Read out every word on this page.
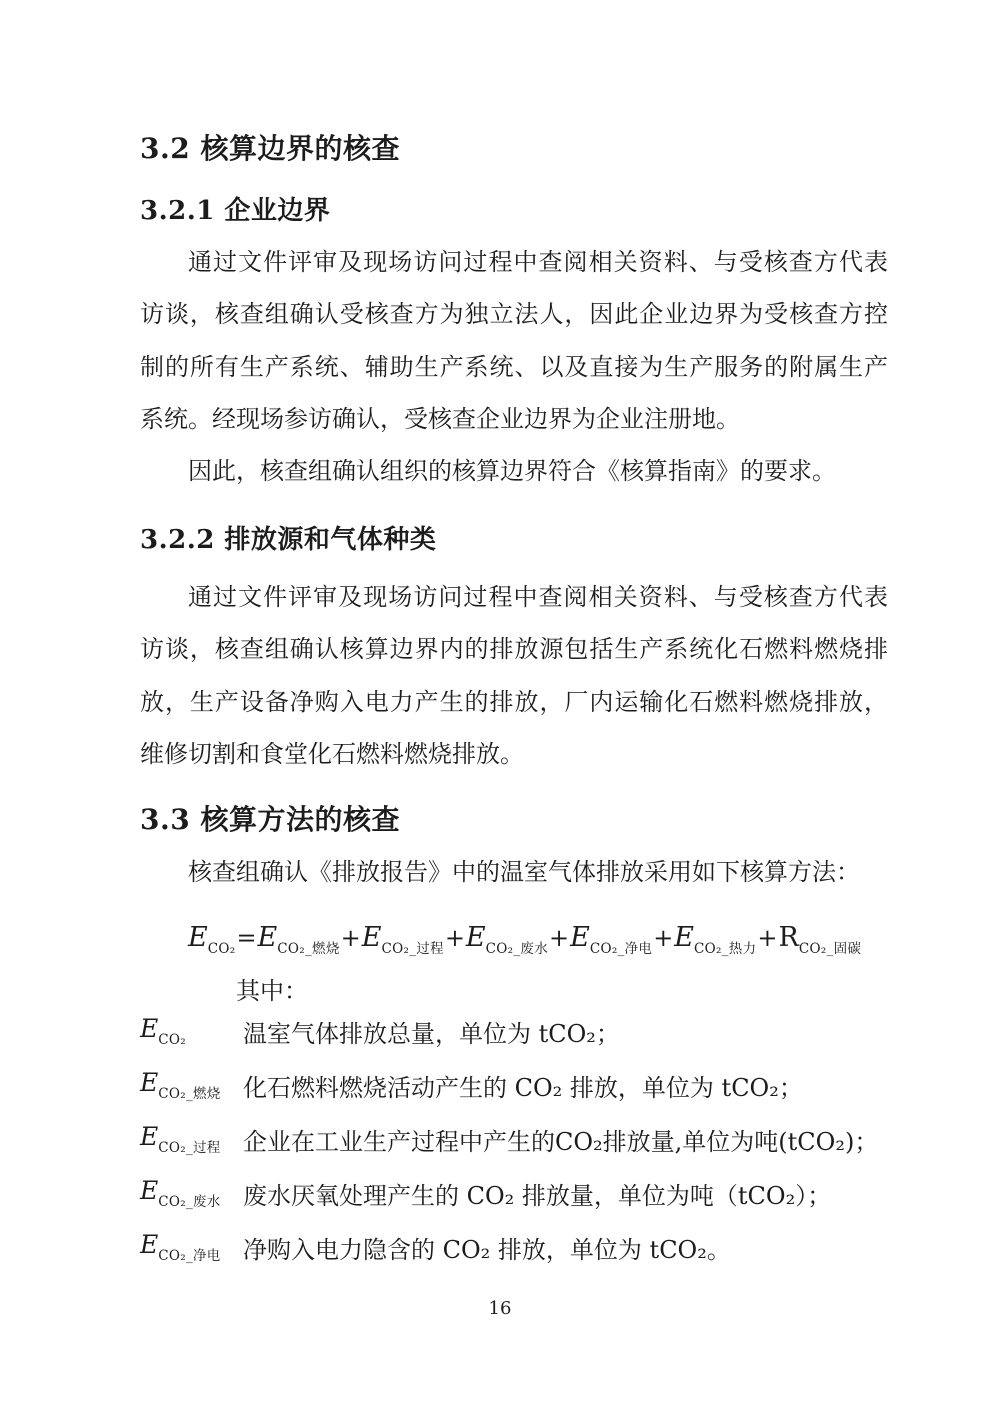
3.2 核算边界的核查
3.2.1 企业边界
通过文件评审及现场访问过程中查阅相关资料、与受核查方代表
访谈，核查组确认受核查方为独立法人，因此企业边界为受核查方控
制的所有生产系统、辅助生产系统、以及直接为生产服务的附属生产
系统。经现场参访确认，受核查企业边界为企业注册地。
因此，核查组确认组织的核算边界符合《核算指南》的要求。
3.2.2 排放源和气体种类
通过文件评审及现场访问过程中查阅相关资料、与受核查方代表
访谈，核查组确认核算边界内的排放源包括生产系统化石燃料燃烧排
放，生产设备净购入电力产生的排放，厂内运输化石燃料燃烧排放，
维修切割和食堂化石燃料燃烧排放。
3.3 核算方法的核查
核查组确认《排放报告》中的温室气体排放采用如下核算方法：
$E_{CO_2}=E_{CO_2\_燃烧}+E_{CO_2\_过程}+E_{CO_2\_废水}+E_{CO_2\_净电}+E_{CO_2\_热力}+R_{CO_2\_固碳}$
其中：
$E_{CO_2}$	温室气体排放总量，单位为 tCO₂；
$E_{CO_2\_燃烧}$ 化石燃料燃烧活动产生的 CO₂ 排放，单位为 tCO₂；
$E_{CO_2\_过程}$ 企业在工业生产过程中产生的CO₂排放量,单位为吨(tCO₂)；
$E_{CO_2\_废水}$ 废水厌氧处理产生的 CO₂ 排放量，单位为吨（tCO₂）；
$E_{CO_2\_净电}$ 净购入电力隐含的 CO₂ 排放，单位为 tCO₂。
16
